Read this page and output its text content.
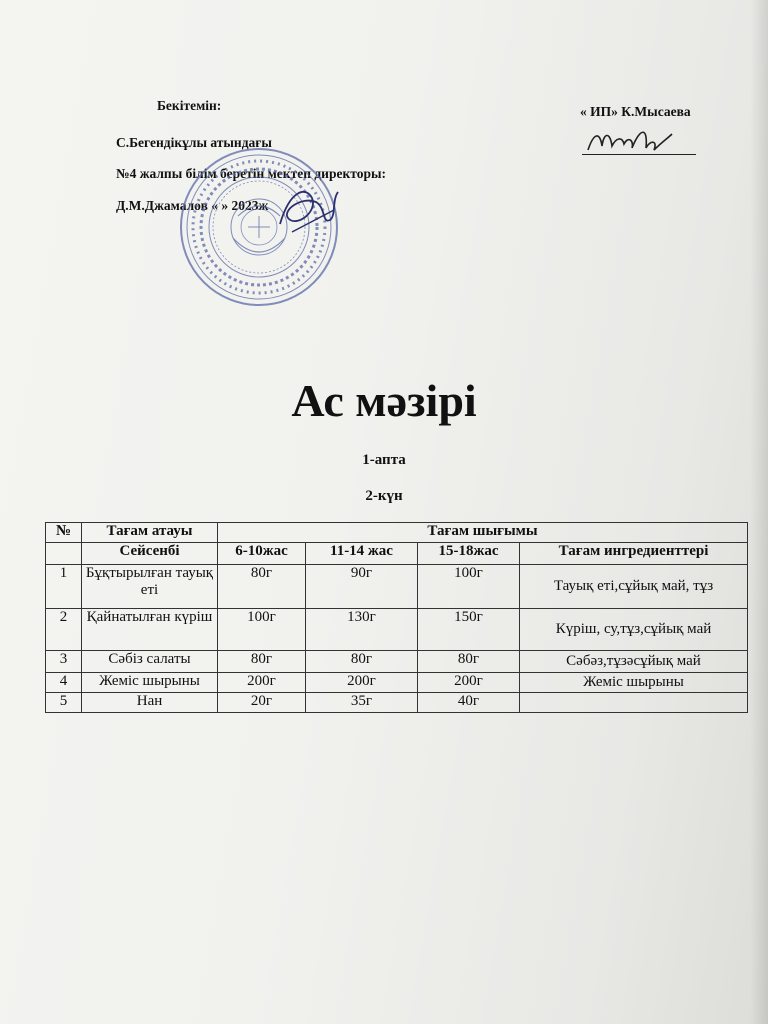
Бекітемін:
С.Бегендікұлы атындағы
№4 жалпы білім беретін мектеп директоры:
Д.М.Джамалов « » 2023ж
« ИП» К.Мысаева
Ас мәзірі
1-апта
2-күн
№	Тағам атауы	Тағам шығымы			
	Сейсенбі	6-10жас	11-14 жас	15-18жас	Тағам ингредиенттері
1	Бұқтырылған тауық еті	80г	90г	100г	Тауық еті,сұйық май, тұз
2	Қайнатылған күріш	100г	130г	150г	Күріш, су,тұз,сұйық май
3	Сәбіз салаты	80г	80г	80г	Сәбәз,тұзәсұйық май
4	Жеміс шырыны	200г	200г	200г	Жеміс шырыны
5	Нан	20г	35г	40г	
